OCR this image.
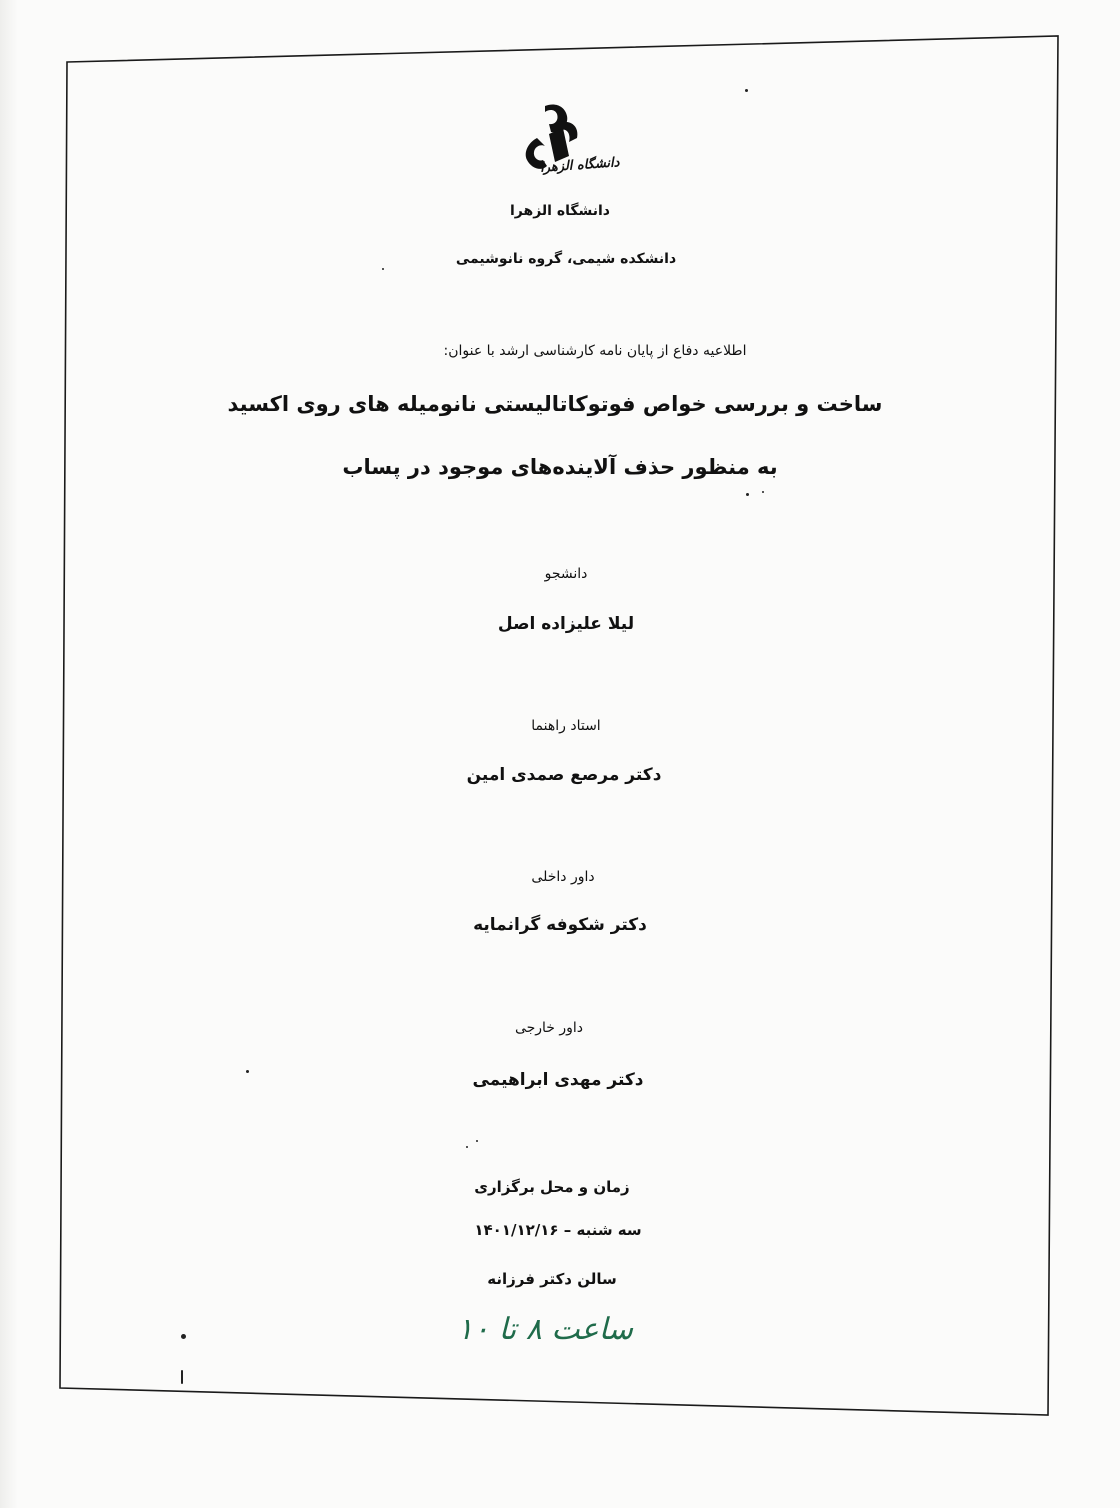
دانشگاه الزهرا
دانشگاه الزهرا
دانشکده شیمی، گروه نانوشیمی
اطلاعیه دفاع از پایان نامه کارشناسی ارشد با عنوان:
ساخت و بررسی خواص فوتوکاتالیستی نانومیله های روی اکسید
به منظور حذف آلاینده‌های موجود در پساب
دانشجو
لیلا علیزاده اصل
استاد راهنما
دکتر مرصع صمدی امین
داور داخلی
دکتر شکوفه گرانمایه
داور خارجی
دکتر مهدی ابراهیمی
زمان و محل برگزاری
سه شنبه – ۱۴۰۱/۱۲/۱۶
سالن دکتر فرزانه
ساعت ۸ تا ۱۰
